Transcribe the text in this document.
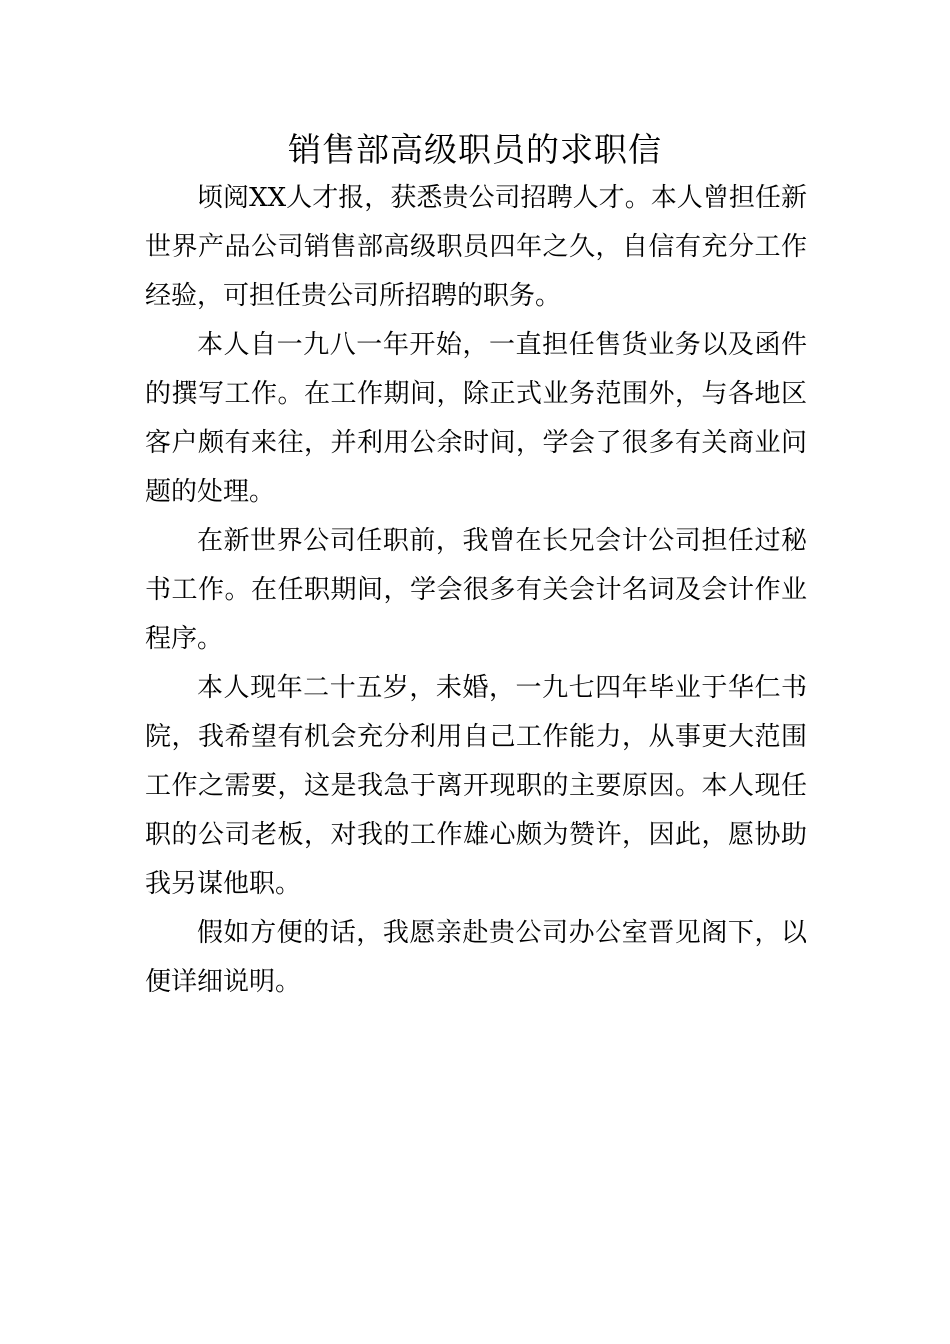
销售部高级职员的求职信

顷阅XX人才报，获悉贵公司招聘人才。本人曾担任新世界产品公司销售部高级职员四年之久，自信有充分工作经验，可担任贵公司所招聘的职务。

本人自一九八一年开始，一直担任售货业务以及函件的撰写工作。在工作期间，除正式业务范围外，与各地区客户颇有来往，并利用公余时间，学会了很多有关商业问题的处理。

在新世界公司任职前，我曾在长兄会计公司担任过秘书工作。在任职期间，学会很多有关会计名词及会计作业程序。

本人现年二十五岁，未婚，一九七四年毕业于华仁书院，我希望有机会充分利用自己工作能力，从事更大范围工作之需要，这是我急于离开现职的主要原因。本人现任职的公司老板，对我的工作雄心颇为赞许，因此，愿协助我另谋他职。

假如方便的话，我愿亲赴贵公司办公室晋见阁下，以便详细说明。
